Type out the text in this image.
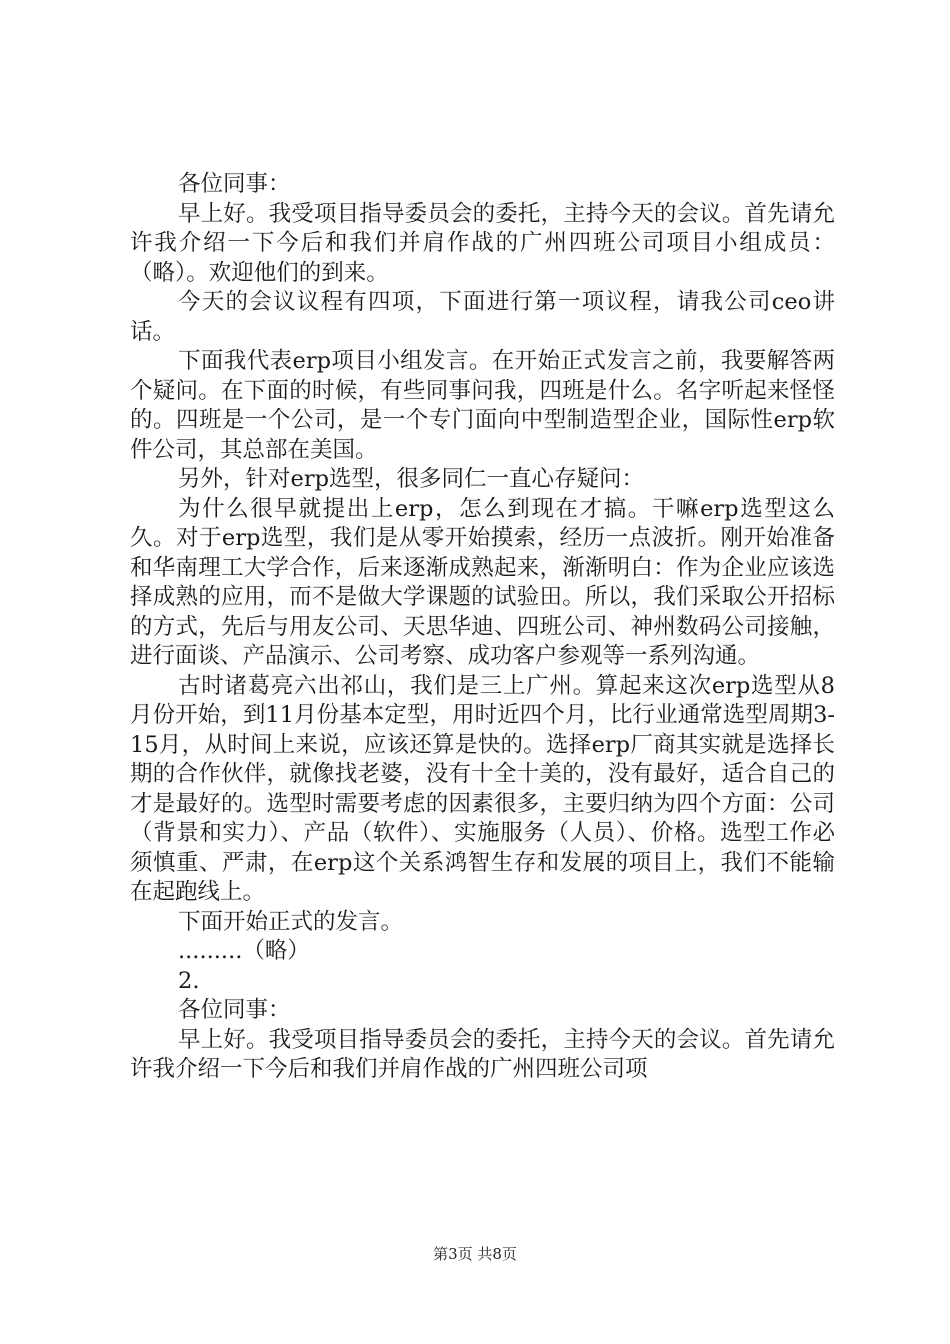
各位同事：

早上好。我受项目指导委员会的委托，主持今天的会议。首先请允许我介绍一下今后和我们并肩作战的广州四班公司项目小组成员：（略）。欢迎他们的到来。

今天的会议议程有四项，下面进行第一项议程，请我公司ceo讲话。

下面我代表erp项目小组发言。在开始正式发言之前，我要解答两个疑问。在下面的时候，有些同事问我，四班是什么。名字听起来怪怪的。四班是一个公司，是一个专门面向中型制造型企业，国际性erp软件公司，其总部在美国。

另外，针对erp选型，很多同仁一直心存疑问：

为什么很早就提出上erp，怎么到现在才搞。干嘛erp选型这么久。对于erp选型，我们是从零开始摸索，经历一点波折。刚开始准备和华南理工大学合作，后来逐渐成熟起来，渐渐明白：作为企业应该选择成熟的应用，而不是做大学课题的试验田。所以，我们采取公开招标的方式，先后与用友公司、天思华迪、四班公司、神州数码公司接触，进行面谈、产品演示、公司考察、成功客户参观等一系列沟通。

古时诸葛亮六出祁山，我们是三上广州。算起来这次erp选型从8月份开始，到11月份基本定型，用时近四个月，比行业通常选型周期3-15月，从时间上来说，应该还算是快的。选择erp厂商其实就是选择长期的合作伙伴，就像找老婆，没有十全十美的，没有最好，适合自己的才是最好的。选型时需要考虑的因素很多，主要归纳为四个方面：公司（背景和实力）、产品（软件）、实施服务（人员）、价格。选型工作必须慎重、严肃，在erp这个关系鸿智生存和发展的项目上，我们不能输在起跑线上。

下面开始正式的发言。

.........（略）

2.

各位同事：

早上好。我受项目指导委员会的委托，主持今天的会议。首先请允许我介绍一下今后和我们并肩作战的广州四班公司项

第3页 共8页
